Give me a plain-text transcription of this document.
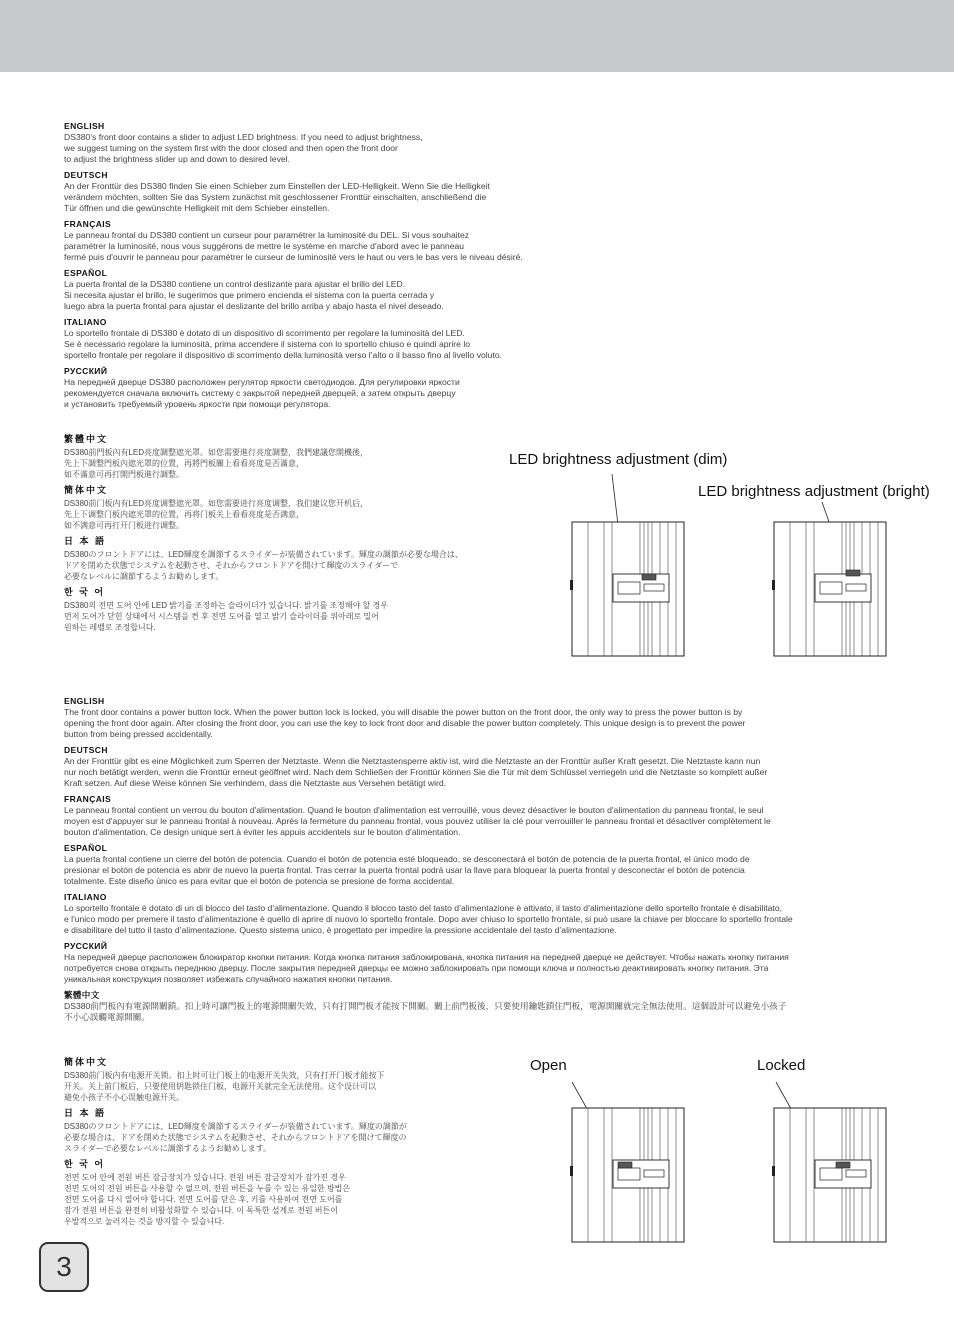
ENGLISH
DS380’s front door contains a slider to adjust LED brightness. If you need to adjust brightness,
we suggest turning on the system first with the door closed and then open the front door
to adjust the brightness slider up and down to desired level.
DEUTSCH
An der Fronttür des DS380 finden Sie einen Schieber zum Einstellen der LED-Helligkeit. Wenn Sie die Helligkeit
verändern möchten, sollten Sie das System zunächst mit geschlossener Fronttür einschalten, anschließend die
Tür öffnen und die gewünschte Helligkeit mit dem Schieber einstellen.
FRANÇAIS
Le panneau frontal du DS380 contient un curseur pour paramétrer la luminosité du DEL. Si vous souhaitez
paramétrer la luminosité, nous vous suggérons de mettre le système en marche d'abord avec le panneau
fermé puis d'ouvrir le panneau pour paramétrer le curseur de luminosité vers le haut ou vers le bas vers le niveau désiré.
ESPAÑOL
La puerta frontal de la DS380 contiene un control deslizante para ajustar el brillo del LED.
Si necesita ajustar el brillo, le sugerimos que primero encienda el sistema con la puerta cerrada y
luego abra la puerta frontal para ajustar el deslizante del brillo arriba y abajo hasta el nivel deseado.
ITALIANO
Lo sportello frontale di DS380 è dotato di un dispositivo di scorrimento per regolare la luminosità del LED.
Se è necessario regolare la luminosità, prima accendere il sistema con lo sportello chiuso e quindi aprire lo
sportello frontale per regolare il dispositivo di scorrimento della luminosità verso l’alto o il basso fino al livello voluto.
РУССКИЙ
На передней дверце DS380 расположен регулятор яркости светодиодов. Для регулировки яркости
рекомендуется сначала включить систему с закрытой передней дверцей, а затем открыть дверцу
и установить требуемый уровень яркости при помощи регулятора.
繁體中文
DS380前門板內有LED亮度調整遮光罩。如您需要進行亮度調整，我們建議您開機後，
先上下調整門板內遮光罩的位置，再將門板關上看看亮度是否滿意，
如不滿意可再打開門板進行調整。
簡体中文
DS380前门板内有LED亮度调整遮光罩。如您需要进行亮度调整，我们建议您开机后，
先上下调整门板内遮光罩的位置，再将门板关上看看亮度是否满意，
如不满意可再打开门板进行调整。
日 本 語
DS380のフロントドアには、LED輝度を調節するスライダーが装備されています。輝度の調節が必要な場合は、
ドアを閉めた状態でシステムを起動させ、それからフロントドアを開けて輝度のスライダーで
必要なレベルに調節するようお勧めします。
한 국 어
DS380의 전면 도어 안에 LED 밝기를 조정하는 슬라이더가 있습니다. 밝기를 조정해야 할 경우
먼저 도어가 닫힌 상태에서 시스템을 켠 후 전면 도어를 열고 밝기 슬라이더를 위아래로 밀어
원하는 레벨로 조정합니다.
ENGLISH
The front door contains a power button lock. When the power button lock is locked, you will disable the power button on the front door, the only way to press the power button is by
opening the front door again. After closing the front door, you can use the key to lock front door and disable the power button completely. This unique design is to prevent the power
button from being pressed accidentally.
DEUTSCH
An der Fronttür gibt es eine Möglichkeit zum Sperren der Netztaste. Wenn die Netztastensperre aktiv ist, wird die Netztaste an der Fronttür außer Kraft gesetzt. Die Netztaste kann nun
nur noch betätigt werden, wenn die Fronttür erneut geöffnet wird. Nach dem Schließen der Fronttür können Sie die Tür mit dem Schlüssel verriegeln und die Netztaste so komplett außer
Kraft setzen. Auf diese Weise können Sie verhindern, dass die Netztaste aus Versehen betätigt wird.
FRANÇAIS
Le panneau frontal contient un verrou du bouton d'alimentation. Quand le bouton d'alimentation est verrouillé, vous devez désactiver le bouton d'alimentation du panneau frontal, le seul
moyen est d'appuyer sur le panneau frontal à nouveau. Après la fermeture du panneau frontal, vous pouvez utiliser la clé pour verrouiller le panneau frontal et désactiver complètement le
bouton d'alimentation. Ce design unique sert à éviter les appuis accidentels sur le bouton d'alimentation.
ESPAÑOL
La puerta frontal contiene un cierre del botón de potencia. Cuando el botón de potencia esté bloqueado, se desconectará el botón de potencia de la puerta frontal, el único modo de
presionar el botón de potencia es abrir de nuevo la puerta frontal. Tras cerrar la puerta frontal podrá usar la llave para bloquear la puerta frontal y desconectar el botón de potencia
totalmente. Este diseño único es para evitar que el botón de potencia se presione de forma accidental.
ITALIANO
Lo sportello frontale è dotato di un di blocco del tasto d’alimentazione. Quando il blocco tasto del tasto d’alimentazione è attivato, il tasto d’alimentazione dello sportello frontale è disabilitato,
e l'unico modo per premere il tasto d’alimentazione è quello di aprire di nuovo lo sportello frontale. Dopo aver chiuso lo sportello frontale, si può usare la chiave per bloccare lo sportello frontale
e disabilitare del tutto il tasto d’alimentazione. Questo sistema unico, è progettato per impedire la pressione accidentale del tasto d’alimentazione.
РУССКИЙ
На передней дверце расположен блокиратор кнопки питания. Когда кнопка питания заблокирована, кнопка питания на передней дверце не действует. Чтобы нажать кнопку питания
потребуется снова открыть переднюю дверцу. После закрытия передней дверцы ее можно заблокировать при помощи ключа и полностью деактивировать кнопку питания. Эта
уникальная конструкция позволяет избежать случайного нажатия кнопки питания.
繁體中文
DS380前門板內有電源開關鎖。扣上時可讓門板上的電源開關失效，只有打開門板才能按下開關。關上前門板後，只要使用鑰匙鎖住門板，電源開關就完全無法使用。這個設計可以避免小孩子
不小心誤觸電源開關。
簡体中文
DS380前门板内有电源开关锁。扣上时可让门板上的电源开关失效，只有打开门板才能按下
开关。关上前门板后，只要使用钥匙锁住门板，电源开关就完全无法使用。这个设计可以
避免小孩子不小心误触电源开关。
日 本 語
DS380のフロントドアには、LED輝度を調節するスライダーが装備されています。輝度の調節が
必要な場合は、ドアを閉めた状態でシステムを起動させ、それからフロントドアを開けて輝度の
スライダーで必要なレベルに調節するようお勧めします。
한 국 어
전면 도어 안에 전원 버튼 잠금장치가 있습니다. 전원 버튼 잠금장치가 잠가진 경우
전면 도어의 전원 버튼을 사용할 수 없으며, 전원 버튼을 누를 수 있는 유일한 방법은
전면 도어를 다시 열어야 합니다. 전면 도어를 닫은 후, 키를 사용하여 전면 도어를
잠가 전원 버튼을 완전히 비활성화할 수 있습니다. 이 독특한 설계로 전원 버튼이
우발적으로 눌러지는 것을 방지할 수 있습니다.
LED brightness adjustment (dim)
LED brightness adjustment (bright)
Open	Locked
3
